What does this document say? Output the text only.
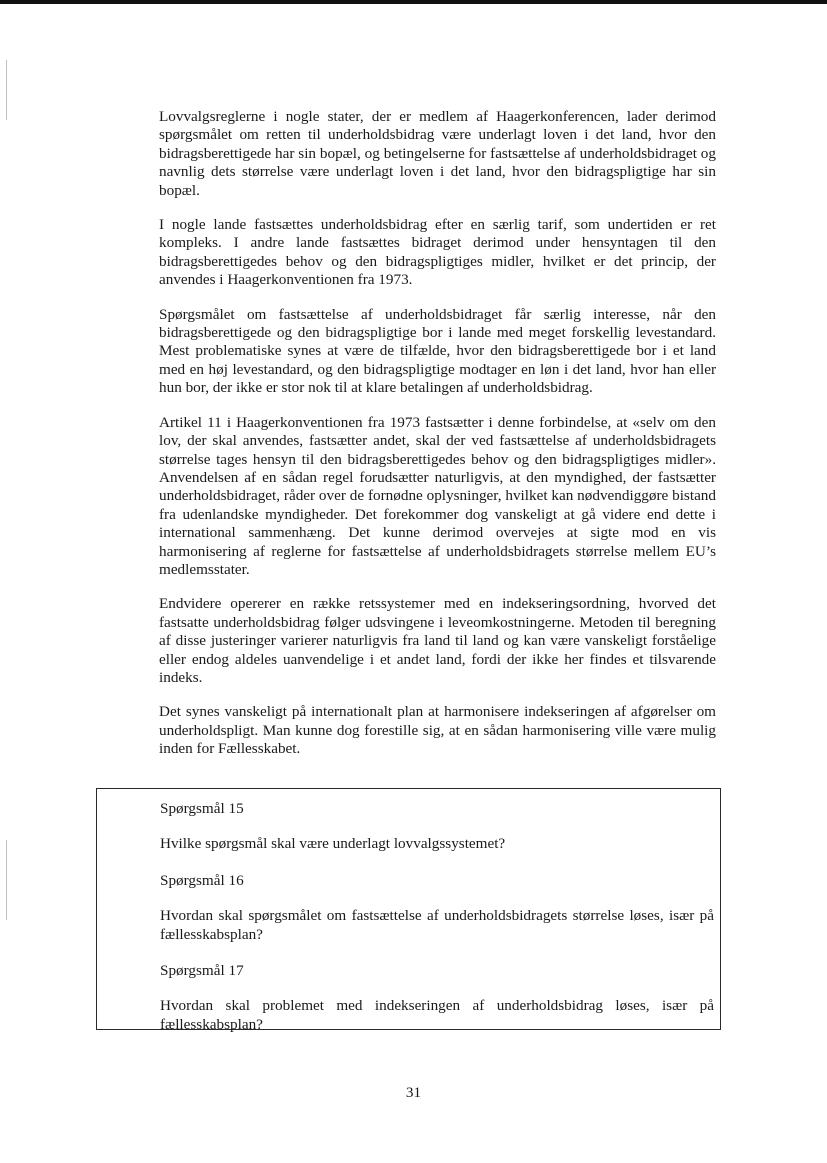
Lovvalgsreglerne i nogle stater, der er medlem af Haagerkonferencen, lader derimod spørgsmålet om retten til underholdsbidrag være underlagt loven i det land, hvor den bidragsberettigede har sin bopæl, og betingelserne for fastsættelse af underholdsbidraget og navnlig dets størrelse være underlagt loven i det land, hvor den bidragspligtige har sin bopæl.

I nogle lande fastsættes underholdsbidrag efter en særlig tarif, som undertiden er ret kompleks. I andre lande fastsættes bidraget derimod under hensyntagen til den bidragsberettigedes behov og den bidragspligtiges midler, hvilket er det princip, der anvendes i Haagerkonventionen fra 1973.

Spørgsmålet om fastsættelse af underholdsbidraget får særlig interesse, når den bidragsberettigede og den bidragspligtige bor i lande med meget forskellig levestandard. Mest problematiske synes at være de tilfælde, hvor den bidragsberettigede bor i et land med en høj levestandard, og den bidragspligtige modtager en løn i det land, hvor han eller hun bor, der ikke er stor nok til at klare betalingen af underholdsbidrag.

Artikel 11 i Haagerkonventionen fra 1973 fastsætter i denne forbindelse, at «selv om den lov, der skal anvendes, fastsætter andet, skal der ved fastsættelse af underholdsbidragets størrelse tages hensyn til den bidragsberettigedes behov og den bidragspligtiges midler». Anvendelsen af en sådan regel forudsætter naturligvis, at den myndighed, der fastsætter underholdsbidraget, råder over de fornødne oplysninger, hvilket kan nødvendiggøre bistand fra udenlandske myndigheder. Det forekommer dog vanskeligt at gå videre end dette i international sammenhæng. Det kunne derimod overvejes at sigte mod en vis harmonisering af reglerne for fastsættelse af underholdsbidragets størrelse mellem EU’s medlemsstater.

Endvidere opererer en række retssystemer med en indekseringsordning, hvorved det fastsatte underholdsbidrag følger udsvingene i leveomkostningerne. Metoden til beregning af disse justeringer varierer naturligvis fra land til land og kan være vanskeligt forståelige eller endog aldeles uanvendelige i et andet land, fordi der ikke her findes et tilsvarende indeks.

Det synes vanskeligt på internationalt plan at harmonisere indekseringen af afgørelser om underholdspligt. Man kunne dog forestille sig, at en sådan harmonisering ville være mulig inden for Fællesskabet.

Spørgsmål 15

Hvilke spørgsmål skal være underlagt lovvalgssystemet?

Spørgsmål 16

Hvordan skal spørgsmålet om fastsættelse af underholdsbidragets størrelse løses, især på fællesskabsplan?

Spørgsmål 17

Hvordan skal problemet med indekseringen af underholdsbidrag løses, især på fællesskabsplan?

31
